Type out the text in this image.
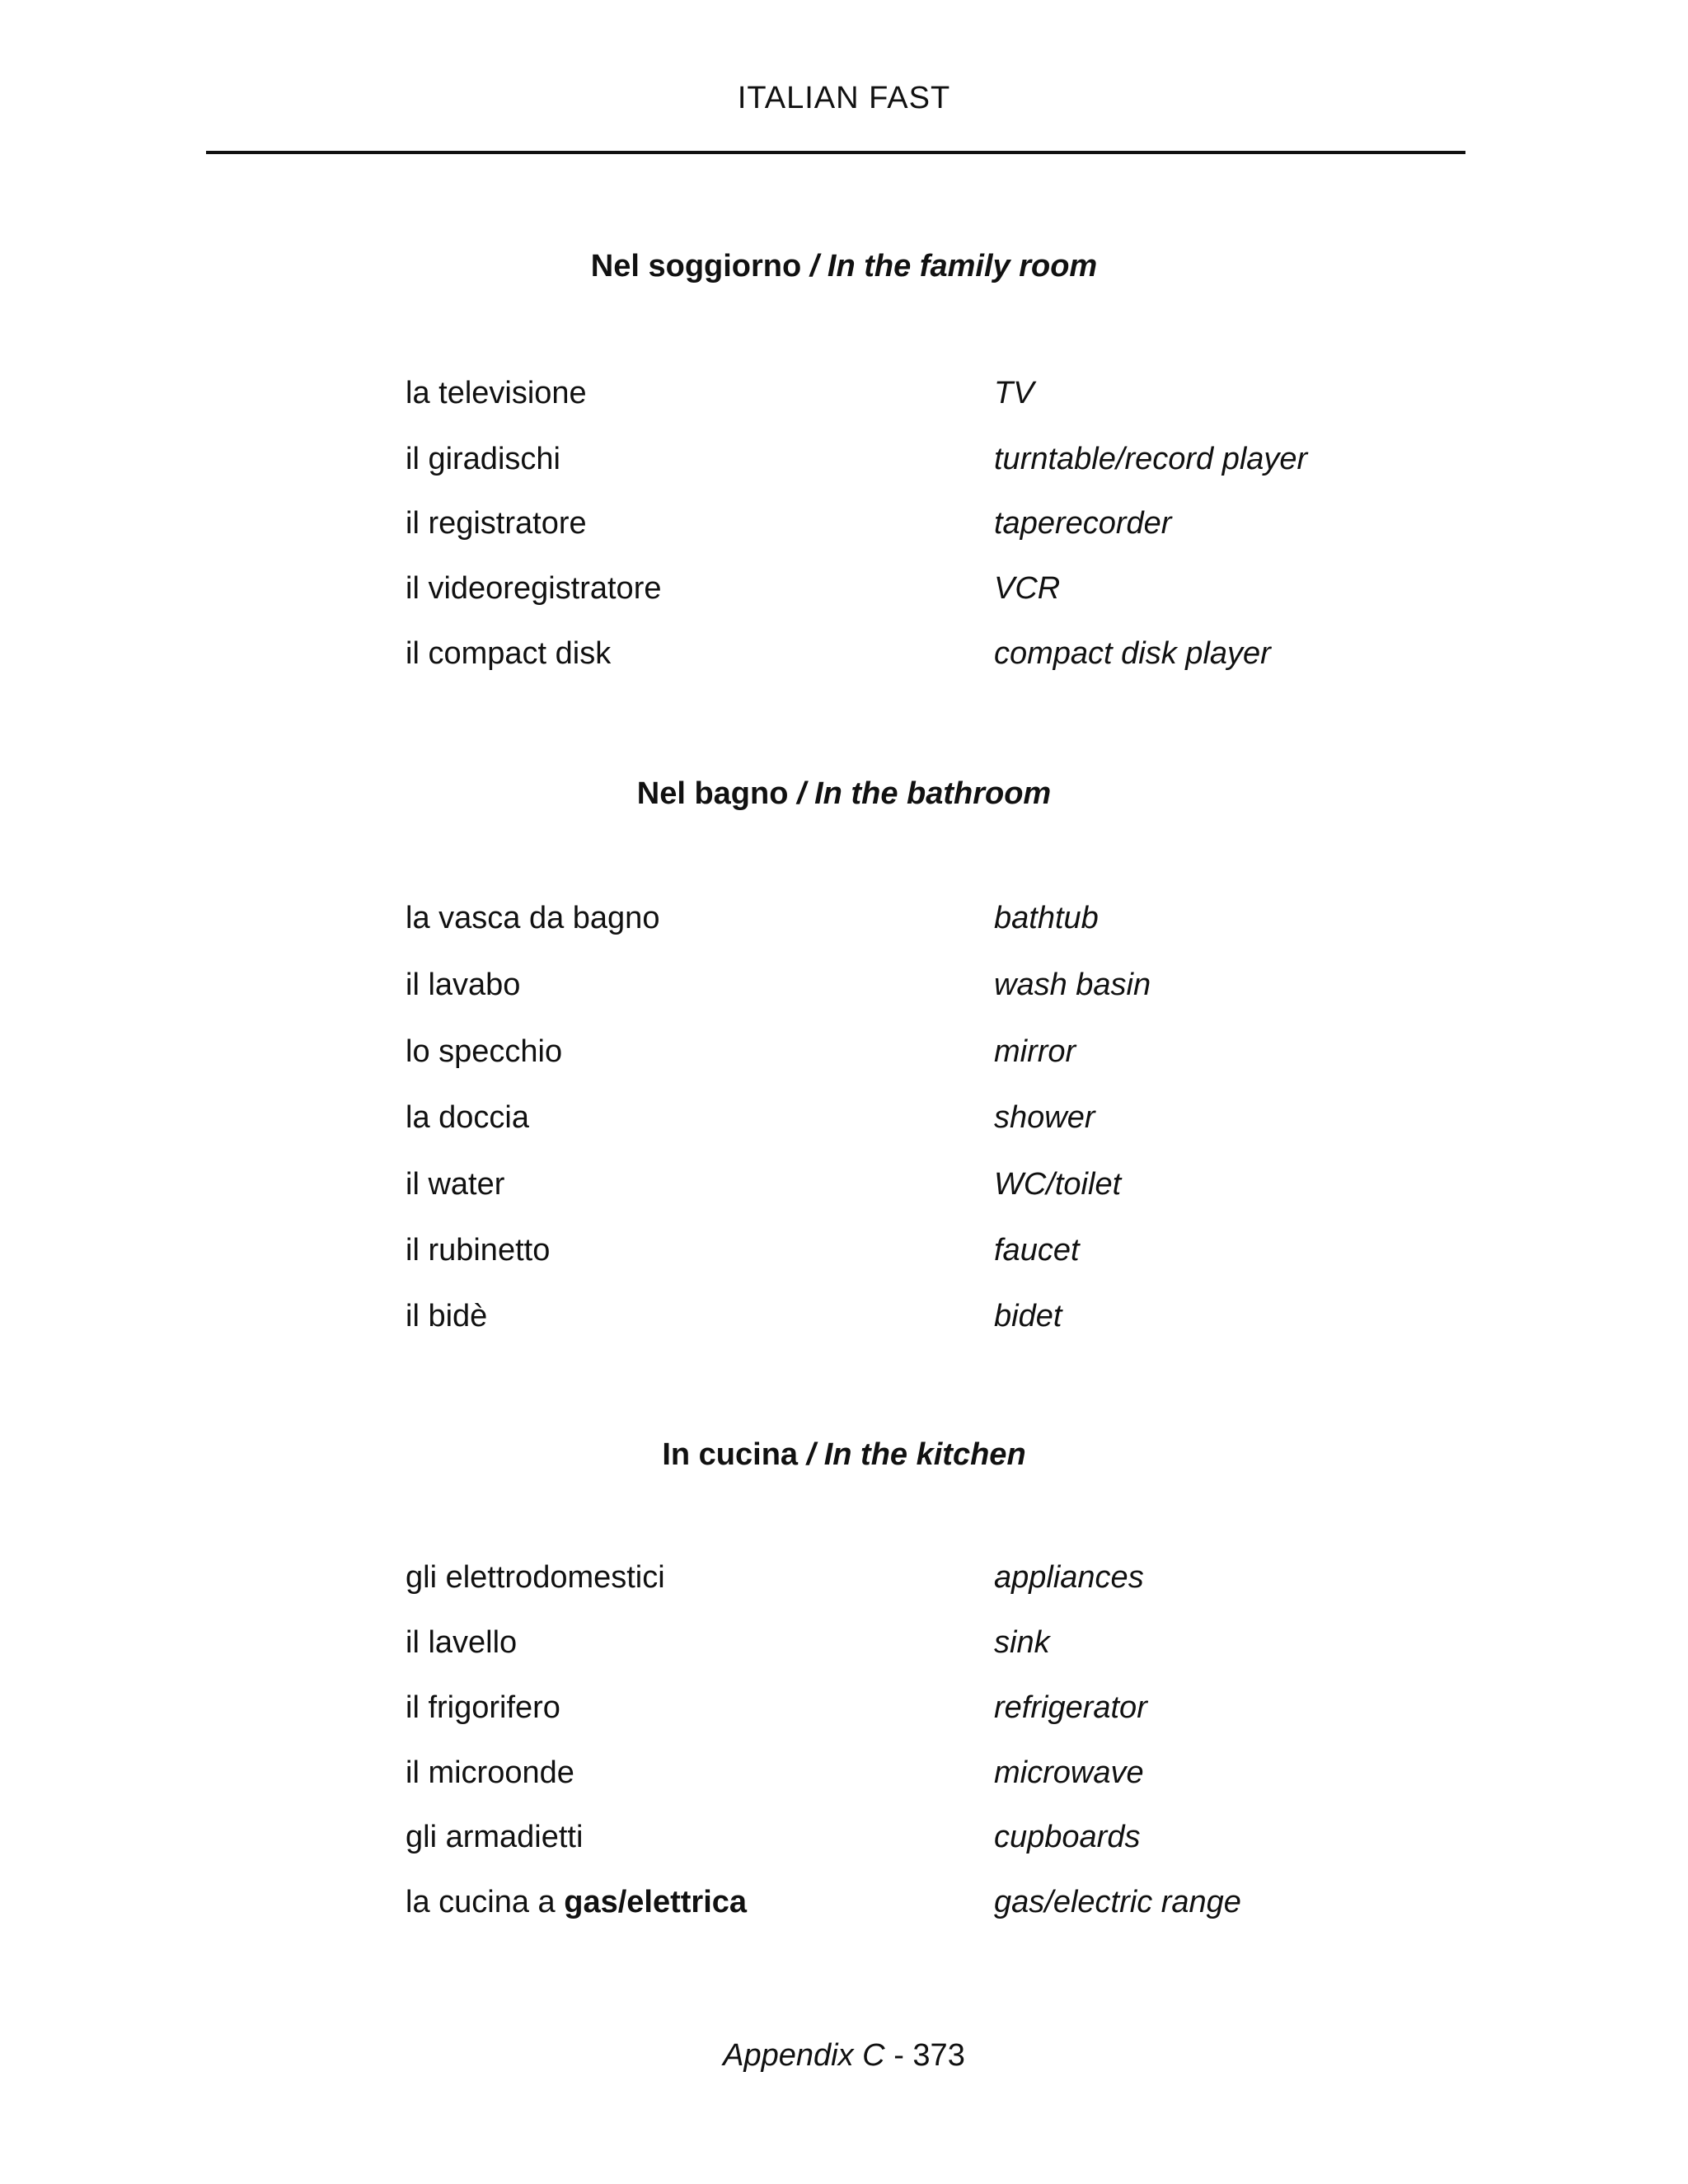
ITALIAN FAST
Nel soggiorno / In the family room
la televisione	TV
il giradischi	turntable/record player
il registratore	taperecorder
il videoregistratore	VCR
il compact disk	compact disk player
Nel bagno / In the bathroom
la vasca da bagno	bathtub
il lavabo	wash basin
lo specchio	mirror
la doccia	shower
il water	WC/toilet
il rubinetto	faucet
il bidè	bidet
In cucina / In the kitchen
gli elettrodomestici	appliances
il lavello	sink
il frigorifero	refrigerator
il microonde	microwave
gli armadietti	cupboards
la cucina a gas/elettrica	gas/electric range
Appendix C - 373
